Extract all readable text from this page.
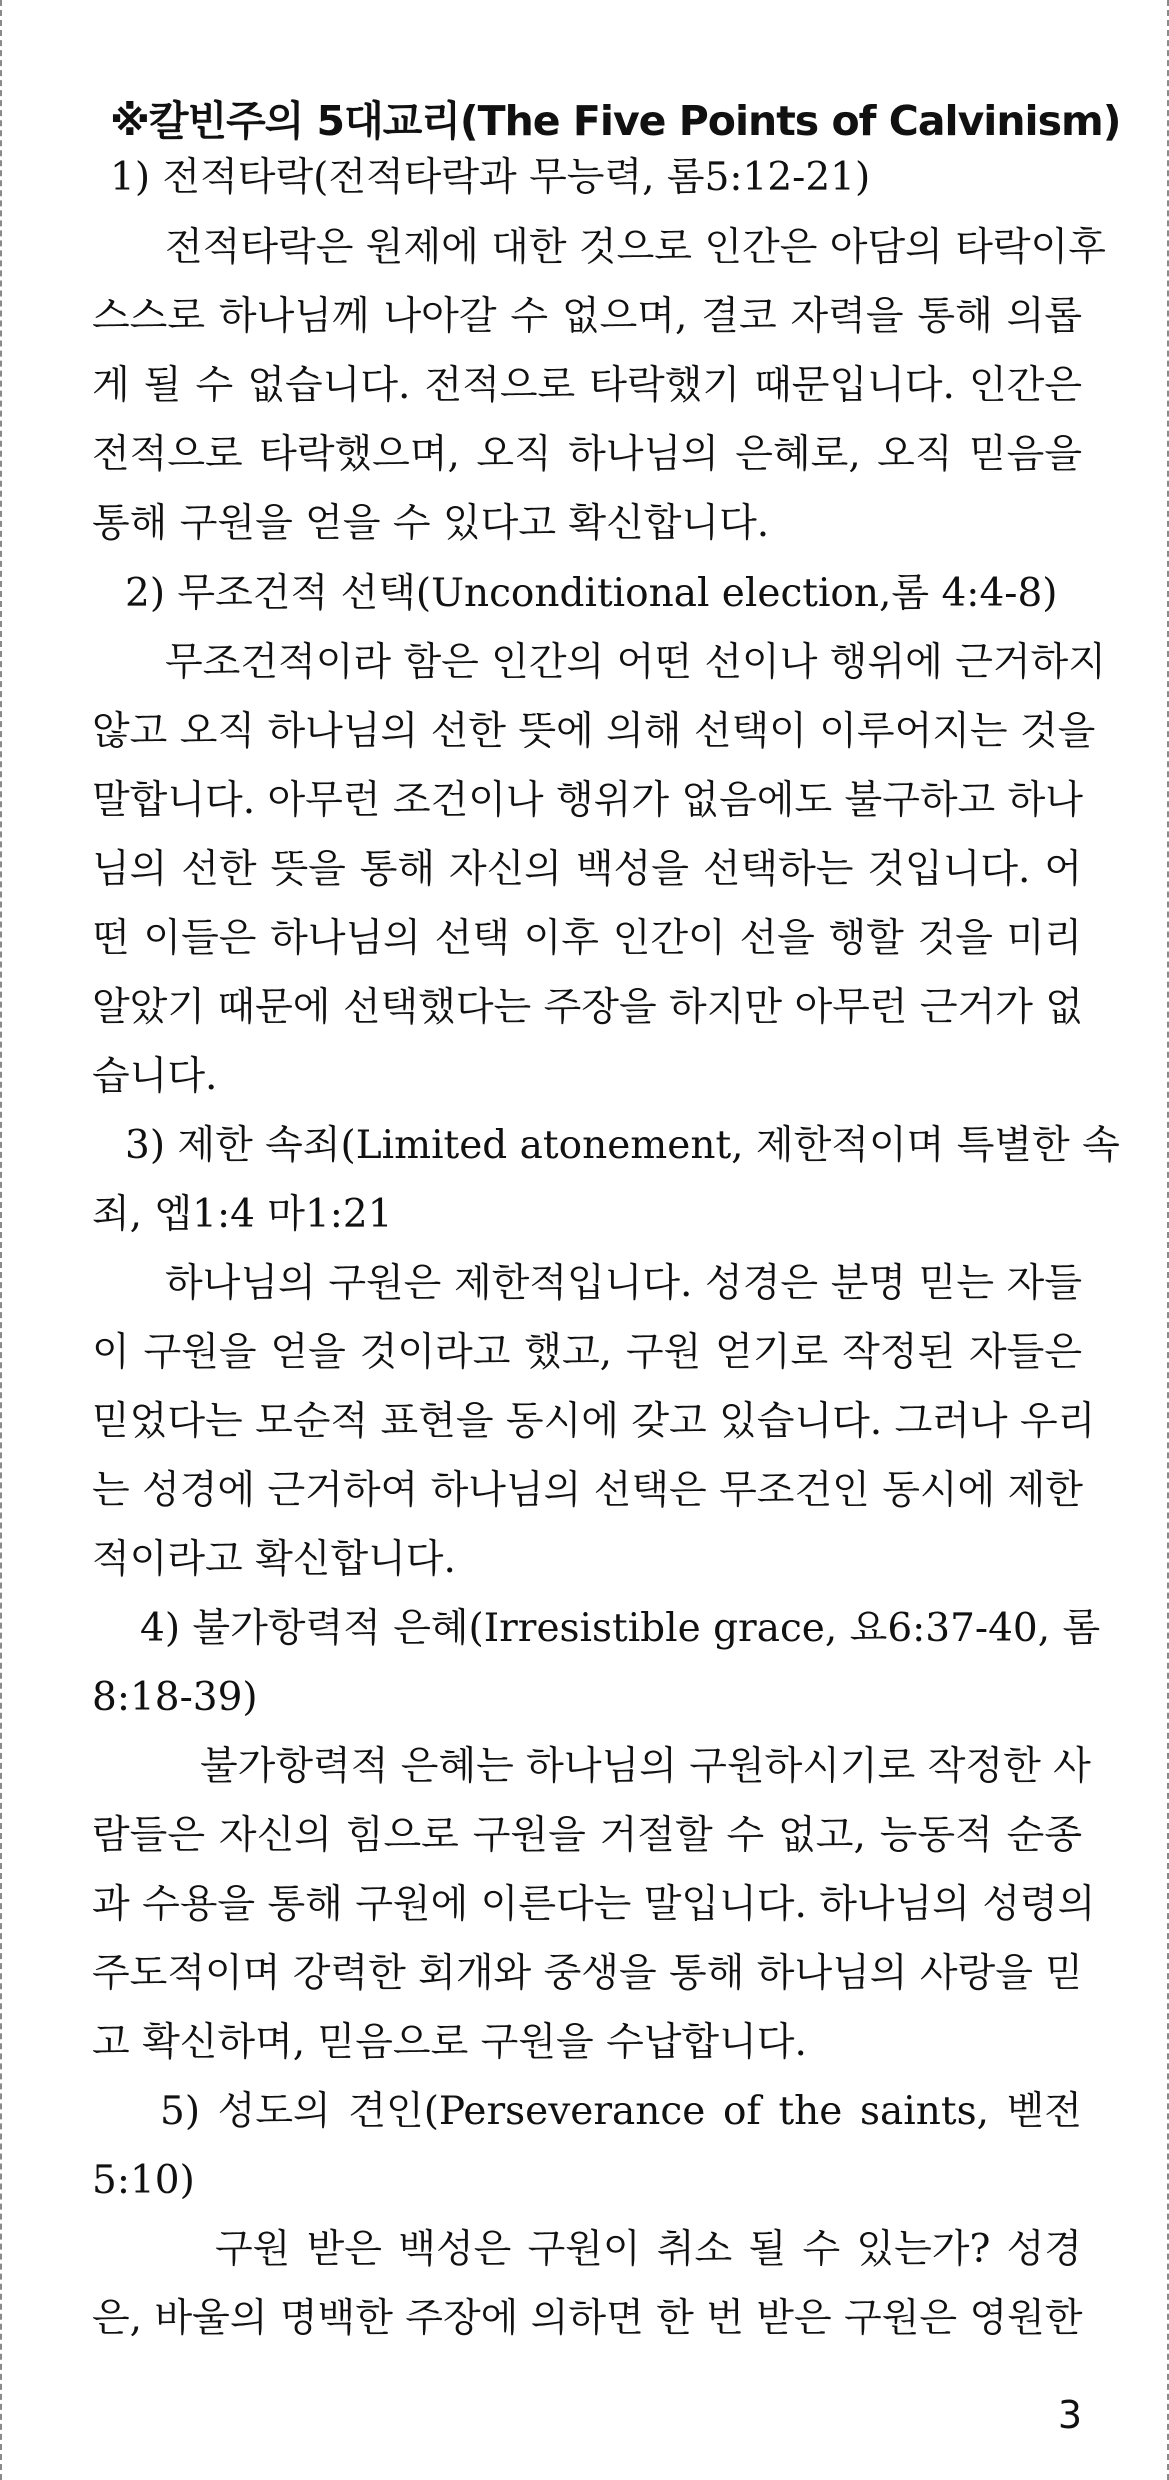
※칼빈주의 5대교리(The Five Points of Calvinism)
1) 전적타락(전적타락과 무능력, 롬5:12-21)
전적타락은 원제에 대한 것으로 인간은 아담의 타락이후
스스로 하나님께 나아갈 수 없으며, 결코 자력을 통해 의롭
게 될 수 없습니다. 전적으로 타락했기 때문입니다. 인간은
전적으로 타락했으며, 오직 하나님의 은혜로, 오직 믿음을
통해 구원을 얻을 수 있다고 확신합니다.
2) 무조건적 선택(Unconditional election,롬 4:4-8)
무조건적이라 함은 인간의 어떤 선이나 행위에 근거하지
않고 오직 하나님의 선한 뜻에 의해 선택이 이루어지는 것을
말합니다. 아무런 조건이나 행위가 없음에도 불구하고 하나
님의 선한 뜻을 통해 자신의 백성을 선택하는 것입니다. 어
떤 이들은 하나님의 선택 이후 인간이 선을 행할 것을 미리
알았기 때문에 선택했다는 주장을 하지만 아무런 근거가 없
습니다.
3) 제한 속죄(Limited atonement, 제한적이며 특별한 속
죄, 엡1:4 마1:21
하나님의 구원은 제한적입니다. 성경은 분명 믿는 자들
이 구원을 얻을 것이라고 했고, 구원 얻기로 작정된 자들은
믿었다는 모순적 표현을 동시에 갖고 있습니다. 그러나 우리
는 성경에 근거하여 하나님의 선택은 무조건인 동시에 제한
적이라고 확신합니다.
4) 불가항력적 은혜(Irresistible grace, 요6:37-40, 롬
8:18-39)
불가항력적 은혜는 하나님의 구원하시기로 작정한 사
람들은 자신의 힘으로 구원을 거절할 수 없고, 능동적 순종
과 수용을 통해 구원에 이른다는 말입니다. 하나님의 성령의
주도적이며 강력한 회개와 중생을 통해 하나님의 사랑을 믿
고 확신하며, 믿음으로 구원을 수납합니다.
5) 성도의 견인(Perseverance of the saints, 벧전
5:10)
구원 받은 백성은 구원이 취소 될 수 있는가? 성경
은, 바울의 명백한 주장에 의하면 한 번 받은 구원은 영원한
3
